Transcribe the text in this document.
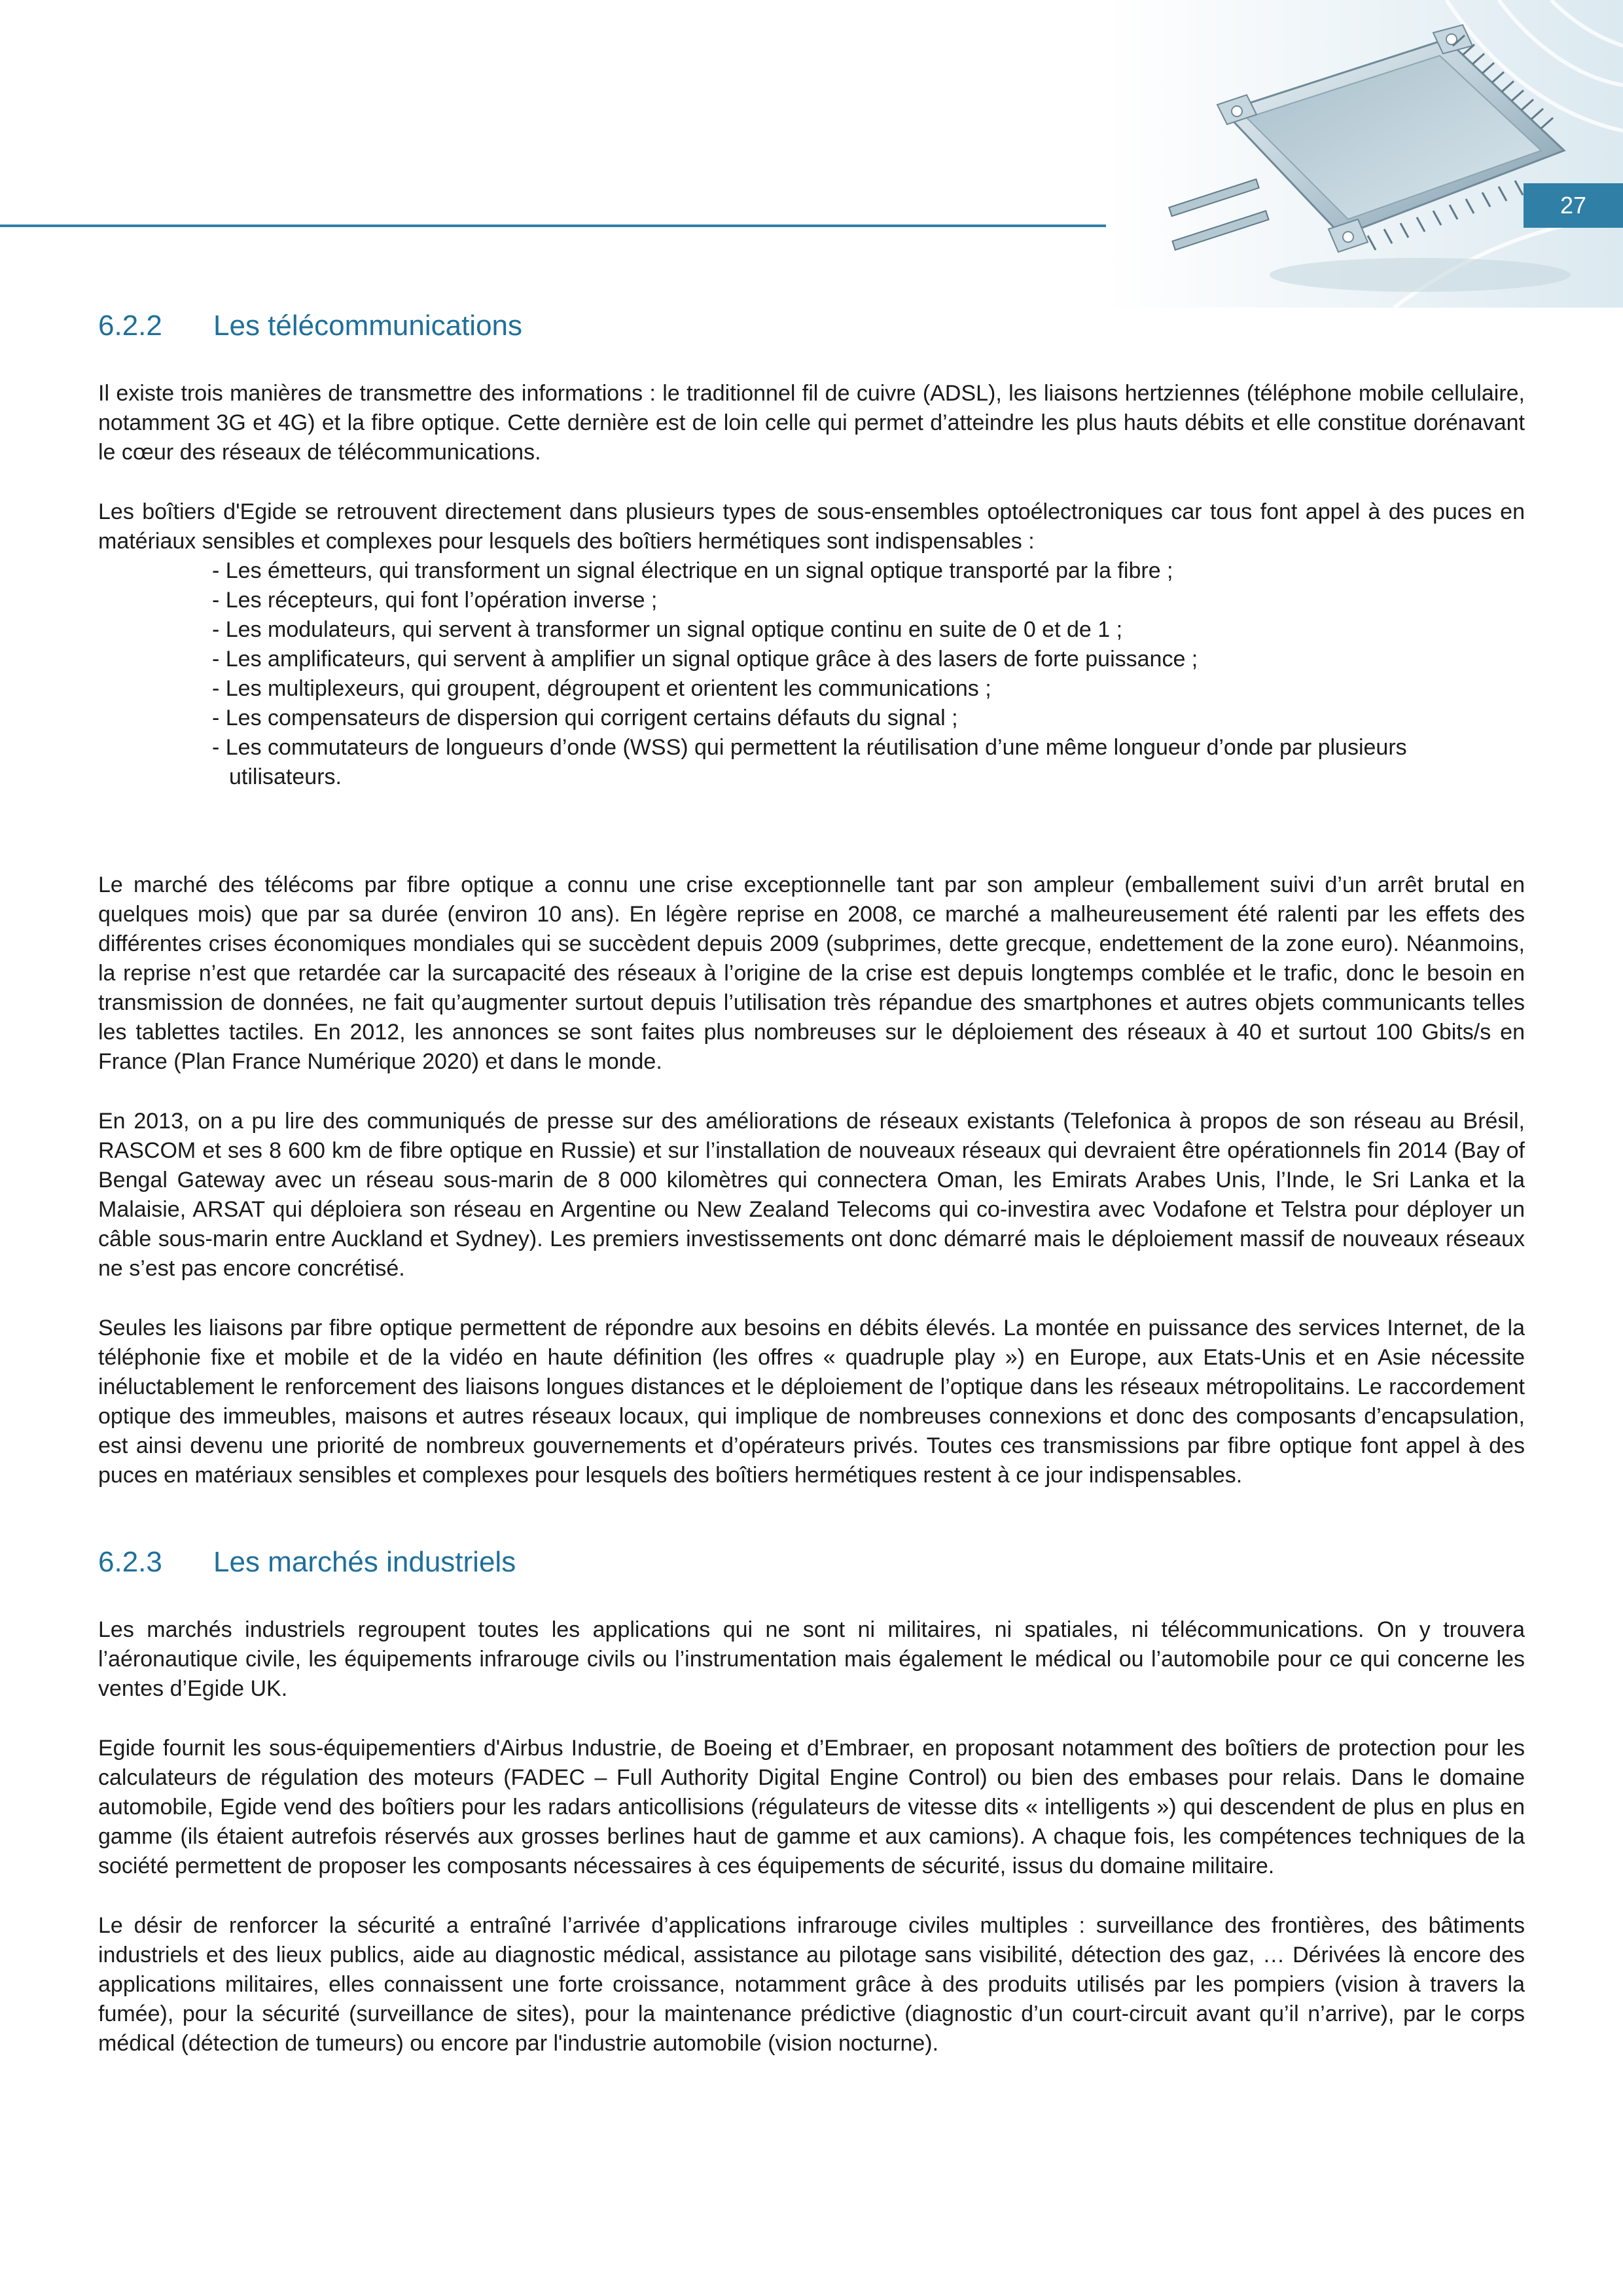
27
6.2.2 Les télécommunications

Il existe trois manières de transmettre des informations : le traditionnel fil de cuivre (ADSL), les liaisons hertziennes (téléphone mobile cellulaire, notamment 3G et 4G) et la fibre optique. Cette dernière est de loin celle qui permet d’atteindre les plus hauts débits et elle constitue dorénavant le cœur des réseaux de télécommunications.

Les boîtiers d'Egide se retrouvent directement dans plusieurs types de sous-ensembles optoélectroniques car tous font appel à des puces en matériaux sensibles et complexes pour lesquels des boîtiers hermétiques sont indispensables :

- Les émetteurs, qui transforment un signal électrique en un signal optique transporté par la fibre ;
- Les récepteurs, qui font l’opération inverse ;
- Les modulateurs, qui servent à transformer un signal optique continu en suite de 0 et de 1 ;
- Les amplificateurs, qui servent à amplifier un signal optique grâce à des lasers de forte puissance ;
- Les multiplexeurs, qui groupent, dégroupent et orientent les communications ;
- Les compensateurs de dispersion qui corrigent certains défauts du signal ;
- Les commutateurs de longueurs d’onde (WSS) qui permettent la réutilisation d’une même longueur d’onde par plusieurs utilisateurs.

Le marché des télécoms par fibre optique a connu une crise exceptionnelle tant par son ampleur (emballement suivi d’un arrêt brutal en quelques mois) que par sa durée (environ 10 ans). En légère reprise en 2008, ce marché a malheureusement été ralenti par les effets des différentes crises économiques mondiales qui se succèdent depuis 2009 (subprimes, dette grecque, endettement de la zone euro). Néanmoins, la reprise n’est que retardée car la surcapacité des réseaux à l’origine de la crise est depuis longtemps comblée et le trafic, donc le besoin en transmission de données, ne fait qu’augmenter surtout depuis l’utilisation très répandue des smartphones et autres objets communicants telles les tablettes tactiles. En 2012, les annonces se sont faites plus nombreuses sur le déploiement des réseaux à 40 et surtout 100 Gbits/s en France (Plan France Numérique 2020) et dans le monde.

En 2013, on a pu lire des communiqués de presse sur des améliorations de réseaux existants (Telefonica à propos de son réseau au Brésil, RASCOM et ses 8 600 km de fibre optique en Russie) et sur l’installation de nouveaux réseaux qui devraient être opérationnels fin 2014 (Bay of Bengal Gateway avec un réseau sous-marin de 8 000 kilomètres qui connectera Oman, les Emirats Arabes Unis, l’Inde, le Sri Lanka et la Malaisie, ARSAT qui déploiera son réseau en Argentine ou New Zealand Telecoms qui co-investira avec Vodafone et Telstra pour déployer un câble sous-marin entre Auckland et Sydney). Les premiers investissements ont donc démarré mais le déploiement massif de nouveaux réseaux ne s’est pas encore concrétisé.

Seules les liaisons par fibre optique permettent de répondre aux besoins en débits élevés. La montée en puissance des services Internet, de la téléphonie fixe et mobile et de la vidéo en haute définition (les offres « quadruple play ») en Europe, aux Etats-Unis et en Asie nécessite inéluctablement le renforcement des liaisons longues distances et le déploiement de l’optique dans les réseaux métropolitains. Le raccordement optique des immeubles, maisons et autres réseaux locaux, qui implique de nombreuses connexions et donc des composants d’encapsulation, est ainsi devenu une priorité de nombreux gouvernements et d’opérateurs privés. Toutes ces transmissions par fibre optique font appel à des puces en matériaux sensibles et complexes pour lesquels des boîtiers hermétiques restent à ce jour indispensables.

6.2.3 Les marchés industriels

Les marchés industriels regroupent toutes les applications qui ne sont ni militaires, ni spatiales, ni télécommunications. On y trouvera l’aéronautique civile, les équipements infrarouge civils ou l’instrumentation mais également le médical ou l’automobile pour ce qui concerne les ventes d’Egide UK.

Egide fournit les sous-équipementiers d'Airbus Industrie, de Boeing et d’Embraer, en proposant notamment des boîtiers de protection pour les calculateurs de régulation des moteurs (FADEC – Full Authority Digital Engine Control) ou bien des embases pour relais. Dans le domaine automobile, Egide vend des boîtiers pour les radars anticollisions (régulateurs de vitesse dits « intelligents ») qui descendent de plus en plus en gamme (ils étaient autrefois réservés aux grosses berlines haut de gamme et aux camions). A chaque fois, les compétences techniques de la société permettent de proposer les composants nécessaires à ces équipements de sécurité, issus du domaine militaire.

Le désir de renforcer la sécurité a entraîné l’arrivée d’applications infrarouge civiles multiples : surveillance des frontières, des bâtiments industriels et des lieux publics, aide au diagnostic médical, assistance au pilotage sans visibilité, détection des gaz, … Dérivées là encore des applications militaires, elles connaissent une forte croissance, notamment grâce à des produits utilisés par les pompiers (vision à travers la fumée), pour la sécurité (surveillance de sites), pour la maintenance prédictive (diagnostic d’un court-circuit avant qu’il n’arrive), par le corps médical (détection de tumeurs) ou encore par l'industrie automobile (vision nocturne).
